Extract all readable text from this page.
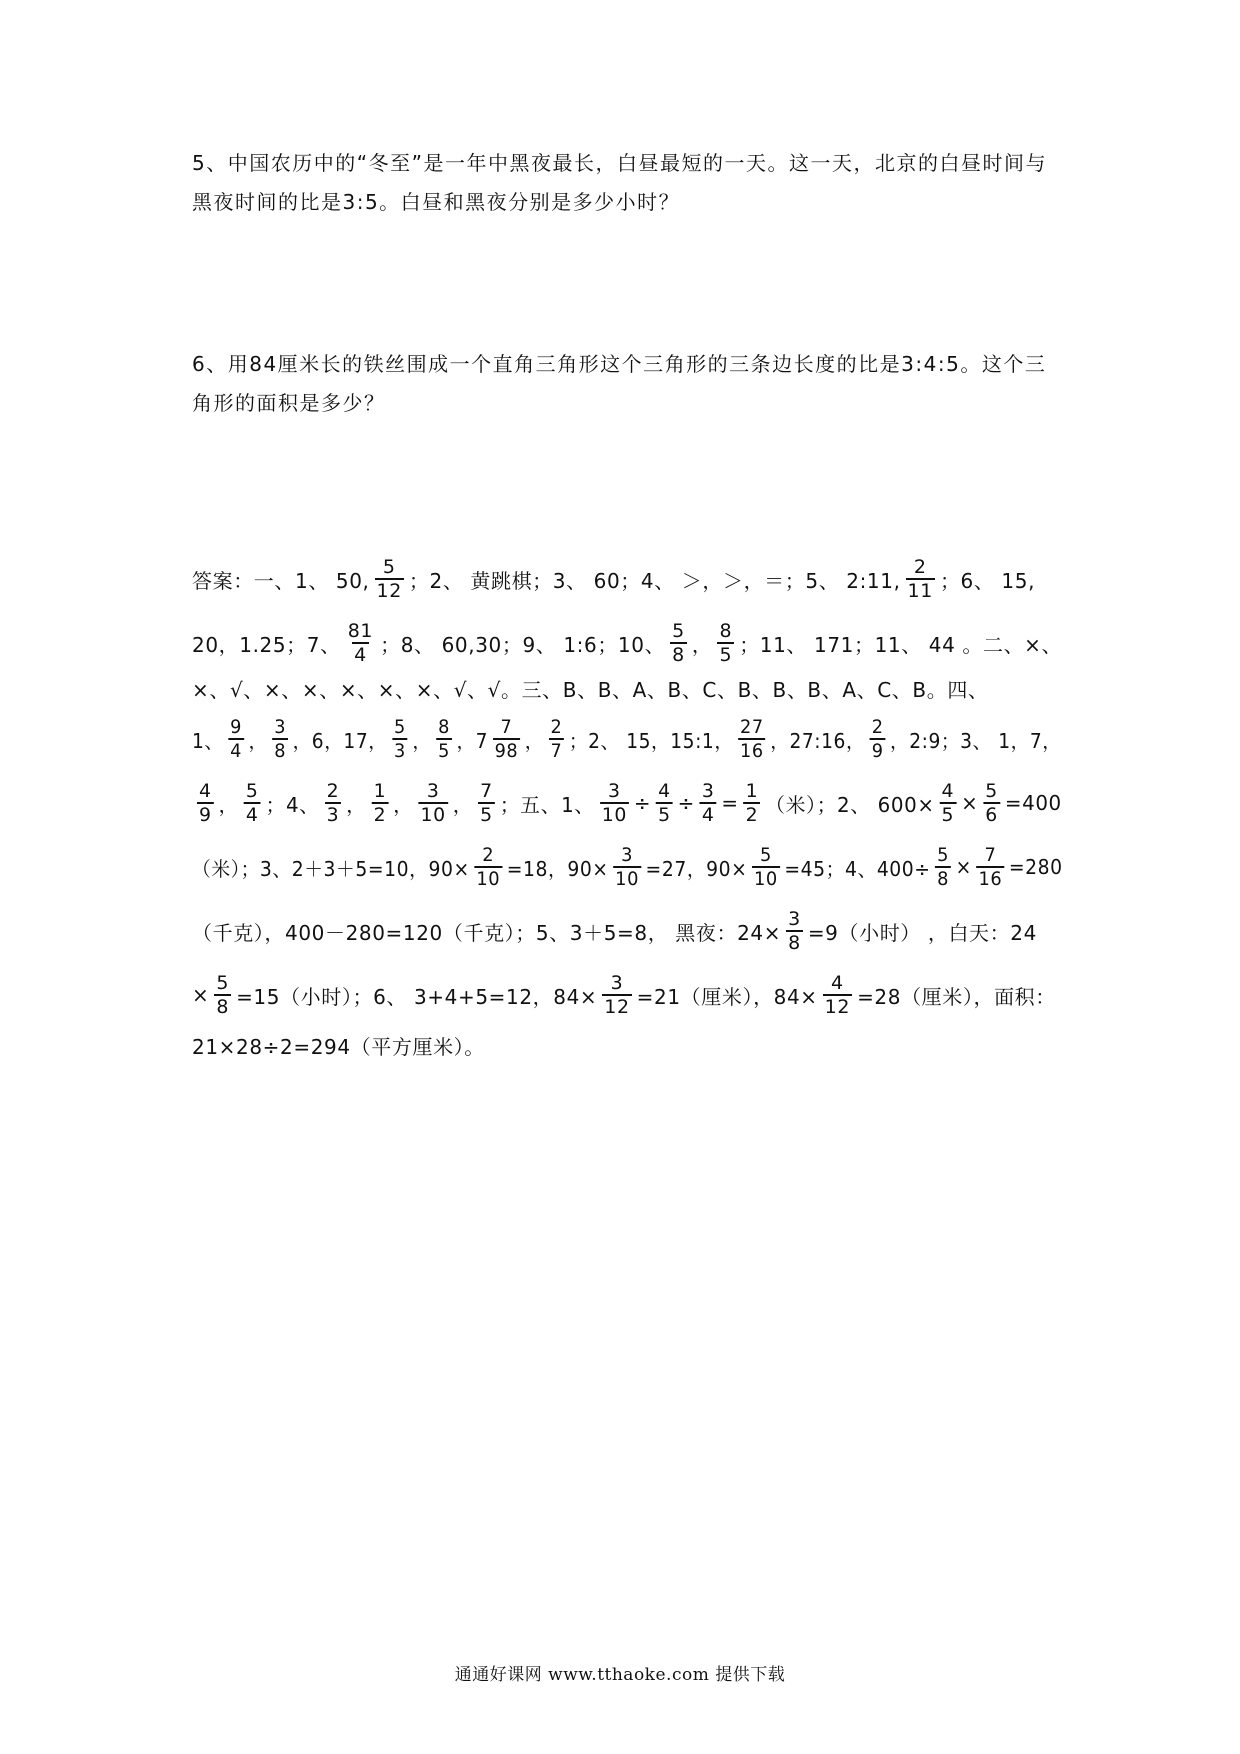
5、中国农历中的“冬至”是一年中黑夜最长，白昼最短的一天。这一天，北京的白昼时间与黑夜时间的比是3:5。白昼和黑夜分别是多少小时？
6、用84厘米长的铁丝围成一个直角三角形这个三角形的三条边长度的比是3:4:5。这个三角形的面积是多少？
答案：一、1、 50, $\frac{5}{12}$ ；2、 黄跳棋；3、 60；4、 ＞，＞，＝；5、 2:11, $\frac{2}{11}$ ；6、 15,
20，1.25；7、 $\frac{81}{4}$ ；8、 60,30；9、 1:6；10、 $\frac{5}{8}$ ， $\frac{8}{5}$ ；11、 171；11、 44 。二、×、
×、√、×、×、×、×、×、√、√。三、B、B、A、B、C、B、B、B、A、C、B。四、
1、 $\frac{9}{4}$ ， $\frac{3}{8}$ ，6，17， $\frac{5}{3}$ ， $\frac{8}{5}$ ，$7 \frac{7}{98}$ ， $\frac{2}{7}$ ；2、 15，15:1， $\frac{27}{16}$ ，27:16， $\frac{2}{9}$ ，2:9；3、 1，7，
$\frac{4}{9}$ ， $\frac{5}{4}$ ；4、 $\frac{2}{3}$ ， $\frac{1}{2}$ ， $\frac{3}{10}$ ， $\frac{7}{5}$ ；五、1、 $\frac{3}{10} \div \frac{4}{5} \div \frac{3}{4} = \frac{1}{2}$ （米）；2、 $600\times \frac{4}{5} \times \frac{5}{6} =400$
（米）；3、2＋3＋5=10，$90\times \frac{2}{10} =18$，$90\times \frac{3}{10} =27$，$90\times \frac{5}{10} =45$；4、$400\div \frac{5}{8} \times \frac{7}{16} =280$
（千克），400－280=120（千克）；5、3＋5=8， 黑夜：$24\times \frac{3}{8} =9$（小时） ，白天：24
× $\frac{5}{8} =15$（小时）；6、 3+4+5=12，$84\times \frac{3}{12} =21$（厘米），$84\times \frac{4}{12} =28$（厘米），面积：
21×28÷2=294（平方厘米）。
通通好课网 www.tthaoke.com 提供下载
